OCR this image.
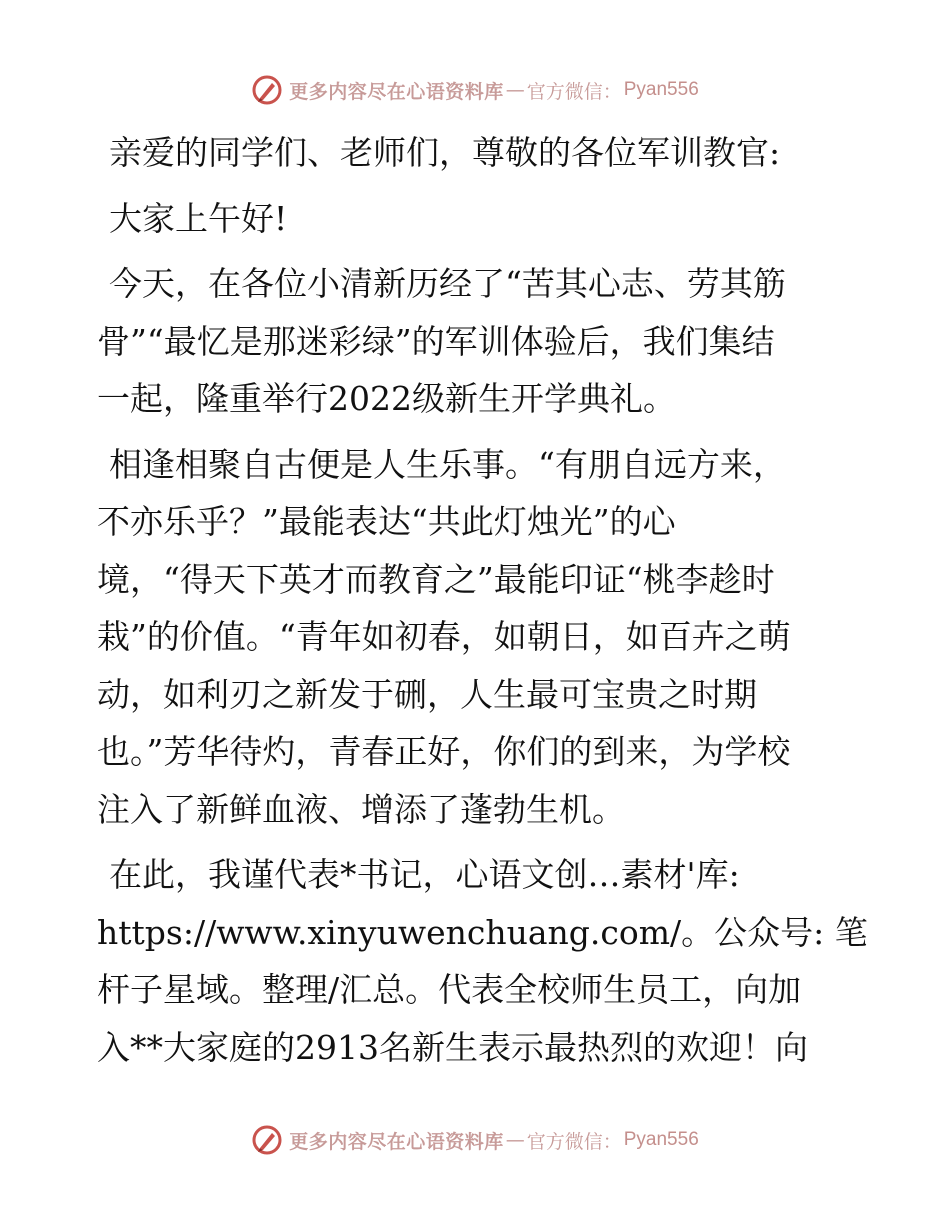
更多内容尽在心语资料库 — 官方微信： Pyan556

亲爱的同学们、老师们，尊敬的各位军训教官:

大家上午好!

今天，在各位小清新历经了“苦其心志、劳其筋
骨”“最忆是那迷彩绿”的军训体验后，我们集结
一起，隆重举行2022级新生开学典礼。

相逢相聚自古便是人生乐事。“有朋自远方来，
不亦乐乎？”最能表达“共此灯烛光”的心
境，“得天下英才而教育之”最能印证“桃李趁时
栽”的价值。“青年如初春，如朝日，如百卉之萌
动，如利刃之新发于硎，人生最可宝贵之时期
也。”芳华待灼，青春正好，你们的到来，为学校
注入了新鲜血液、增添了蓬勃生机。

在此，我谨代表*书记，心语文创…素材'库:
https://www.xinyuwenchuang.com/。公众号: 笔
杆子星域。整理/汇总。代表全校师生员工，向加
入**大家庭的2913名新生表示最热烈的欢迎！向

更多内容尽在心语资料库 — 官方微信： Pyan556
